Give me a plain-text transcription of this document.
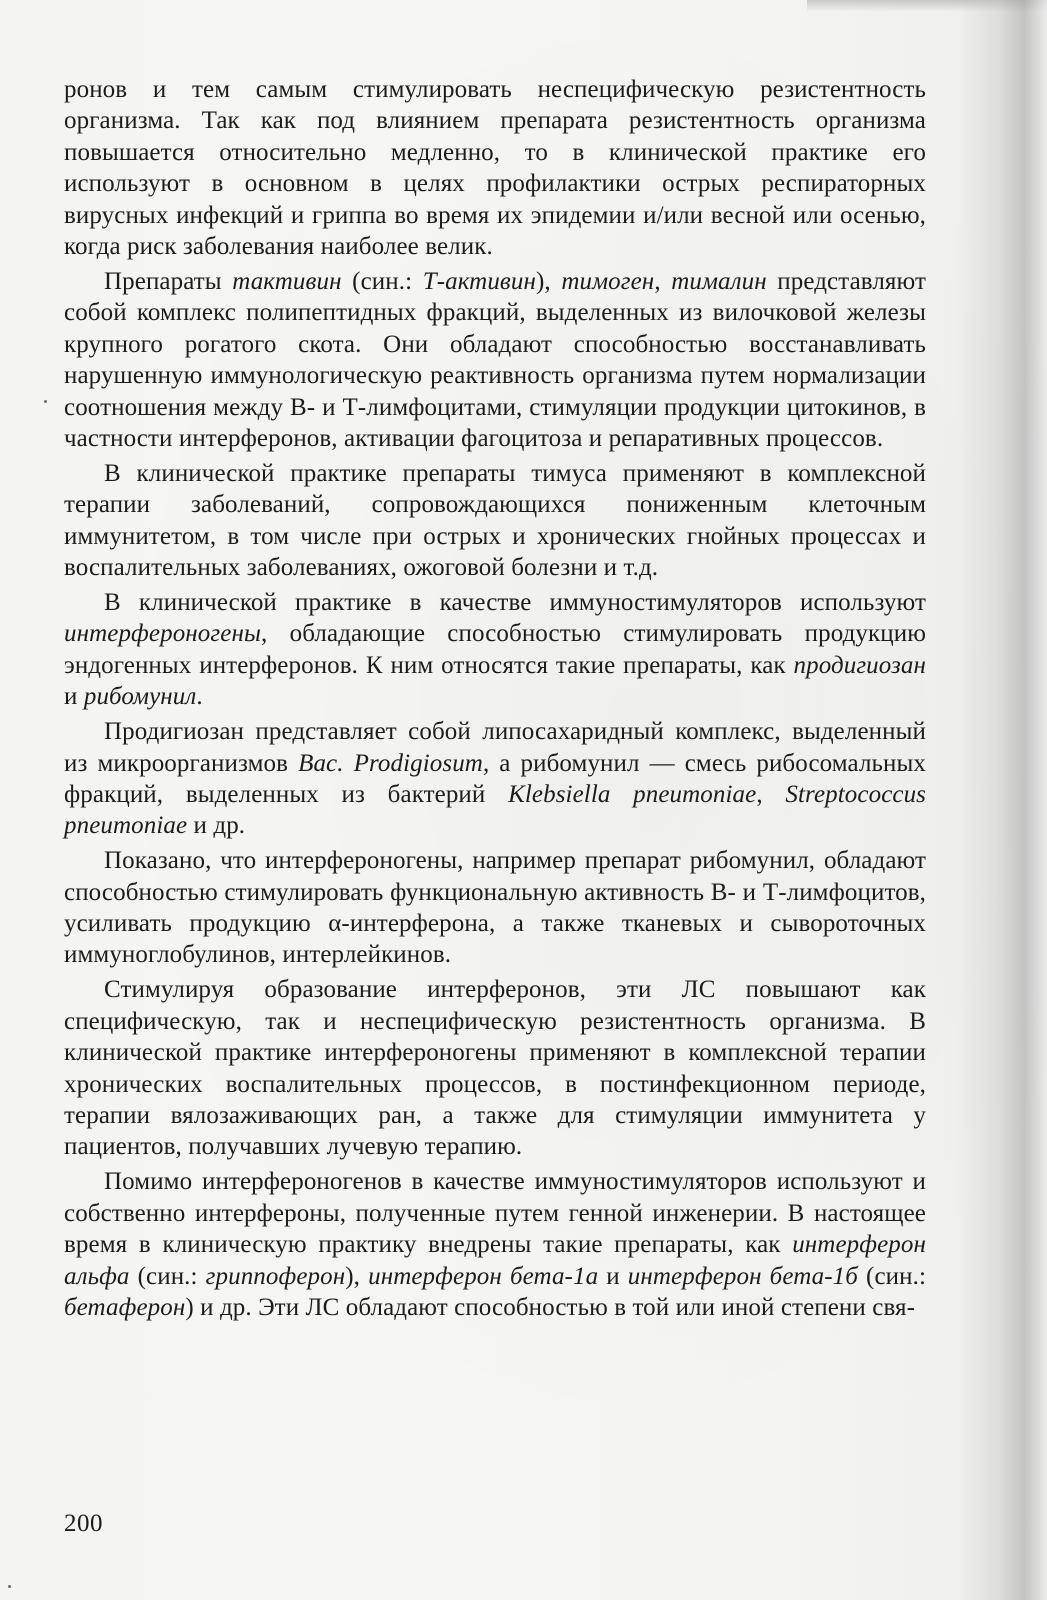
ронов и тем самым стимулировать неспецифическую резистентность организма. Так как под влиянием препарата резистентность организма повышается относительно медленно, то в клинической практике его используют в основном в целях профилактики острых респираторных вирусных инфекций и гриппа во время их эпидемии и/или весной или осенью, когда риск заболевания наиболее велик.

Препараты тактивин (син.: Т-активин), тимоген, тималин представляют собой комплекс полипептидных фракций, выделенных из вилочковой железы крупного рогатого скота. Они обладают способностью восстанавливать нарушенную иммунологическую реактивность организма путем нормализации соотношения между В- и Т-лимфоцитами, стимуляции продукции цитокинов, в частности интерферонов, активации фагоцитоза и репаративных процессов.

В клинической практике препараты тимуса применяют в комплексной терапии заболеваний, сопровождающихся пониженным клеточным иммунитетом, в том числе при острых и хронических гнойных процессах и воспалительных заболеваниях, ожоговой болезни и т.д.

В клинической практике в качестве иммуностимуляторов используют интерфероногены, обладающие способностью стимулировать продукцию эндогенных интерферонов. К ним относятся такие препараты, как продигиозан и рибомунил.

Продигиозан представляет собой липосахаридный комплекс, выделенный из микроорганизмов Bac. Prodigiosum, а рибомунил — смесь рибосомальных фракций, выделенных из бактерий Klebsiella pneumoniae, Streptococcus pneumoniae и др.

Показано, что интерфероногены, например препарат рибомунил, обладают способностью стимулировать функциональную активность В- и Т-лимфоцитов, усиливать продукцию α-интерферона, а также тканевых и сывороточных иммуноглобулинов, интерлейкинов.

Стимулируя образование интерферонов, эти ЛС повышают как специфическую, так и неспецифическую резистентность организма. В клинической практике интерфероногены применяют в комплексной терапии хронических воспалительных процессов, в постинфекционном периоде, терапии вялозаживающих ран, а также для стимуляции иммунитета у пациентов, получавших лучевую терапию.

Помимо интерфероногенов в качестве иммуностимуляторов используют и собственно интерфероны, полученные путем генной инженерии. В настоящее время в клиническую практику внедрены такие препараты, как интерферон альфа (син.: гриппоферон), интерферон бета-1а и интерферон бета-1б (син.: бетаферон) и др. Эти ЛС обладают способностью в той или иной степени свя-

200
